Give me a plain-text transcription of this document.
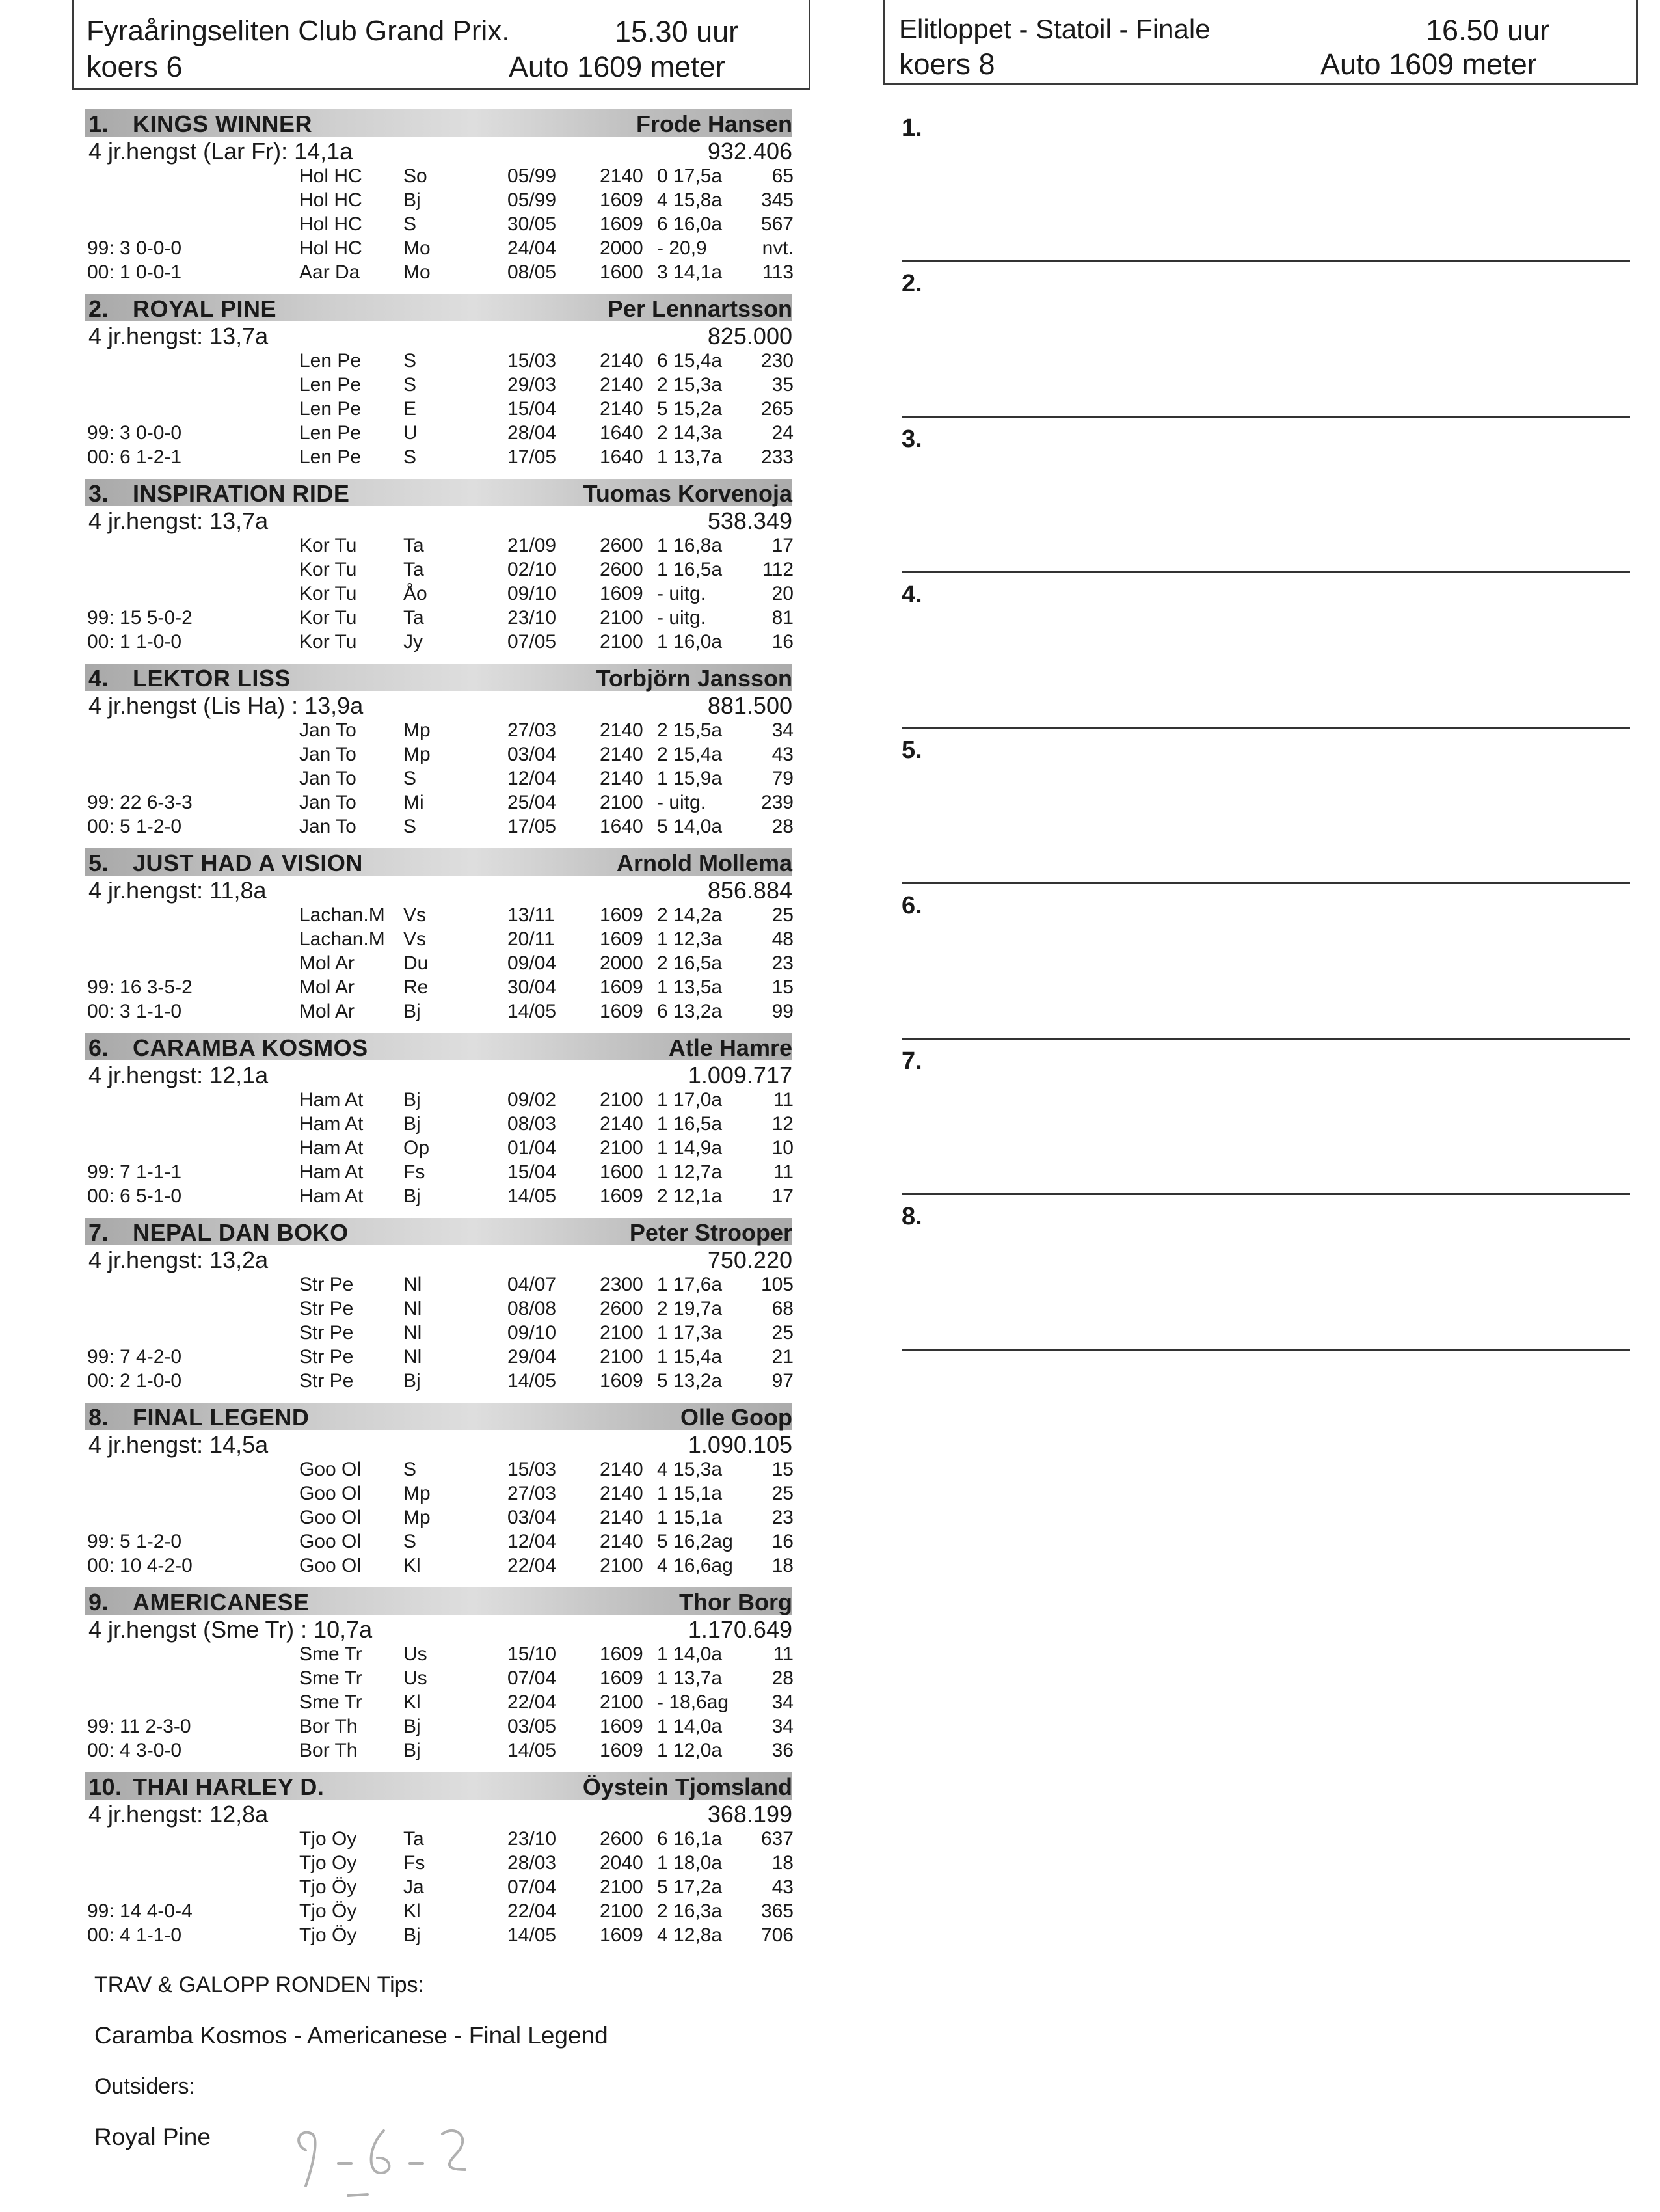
Fyraåringseliten Club Grand Prix.	15.30 uur
koers 6	Auto 1609 meter
Elitloppet - Statoil - Finale	16.50 uur
koers 8	Auto 1609 meter
1. KINGS WINNER	Frode Hansen
4 jr.hengst (Lar Fr): 14,1a	932.406
Hol HC So	05/99 2140 0 17,5a	65
Hol HC Bj	05/99 1609 4 15,8a 345
Hol HC S	30/05 1609 6 16,0a 567
99: 3 0-0-0	Hol HC Mo	24/04 2000 - 20,9	nvt.
00: 1 0-0-1	Aar Da Mo	08/05 1600 3 14,1a 113
2. ROYAL PINE	Per Lennartsson
4 jr.hengst: 13,7a	825.000
Len Pe S	15/03 2140 6 15,4a 230
Len Pe S	29/03 2140 2 15,3a	35
Len Pe E	15/04 2140 5 15,2a 265
99: 3 0-0-0	Len Pe U	28/04 1640 2 14,3a	24
00: 6 1-2-1	Len Pe S	17/05 1640 1 13,7a 233
3. INSPIRATION RIDE	Tuomas Korvenoja
4 jr.hengst: 13,7a	538.349
Kor Tu Ta	21/09 2600 1 16,8a	17
Kor Tu Ta	02/10 2600 1 16,5a 112
Kor Tu Åo	09/10 1609 - uitg.	20
99: 15 5-0-2	Kor Tu Ta	23/10 2100 - uitg.	81
00: 1 1-0-0	Kor Tu Jy	07/05 2100 1 16,0a	16
4. LEKTOR LISS	Torbjörn Jansson
4 jr.hengst (Lis Ha) : 13,9a	881.500
Jan To Mp	27/03 2140 2 15,5a	34
Jan To Mp	03/04 2140 2 15,4a	43
Jan To S	12/04 2140 1 15,9a	79
99: 22 6-3-3	Jan To Mi	25/04 2100 - uitg.	239
00: 5 1-2-0	Jan To S	17/05 1640 5 14,0a	28
5. JUST HAD A VISION	Arnold Mollema
4 jr.hengst: 11,8a	856.884
Lachan.M Vs	13/11 1609 2 14,2a	25
Lachan.M Vs	20/11 1609 1 12,3a	48
Mol Ar Du	09/04 2000 2 16,5a	23
99: 16 3-5-2	Mol Ar Re	30/04 1609 1 13,5a	15
00: 3 1-1-0	Mol Ar Bj	14/05 1609 6 13,2a	99
6. CARAMBA KOSMOS	Atle Hamre
4 jr.hengst: 12,1a	1.009.717
Ham At Bj	09/02 2100 1 17,0a	11
Ham At Bj	08/03 2140 1 16,5a	12
Ham At Op	01/04 2100 1 14,9a	10
99: 7 1-1-1	Ham At Fs	15/04 1600 1 12,7a	11
00: 6 5-1-0	Ham At Bj	14/05 1609 2 12,1a	17
7. NEPAL DAN BOKO	Peter Strooper
4 jr.hengst: 13,2a	750.220
Str Pe	Nl	04/07 2300 1 17,6a 105
Str Pe	Nl	08/08 2600 2 19,7a	68
Str Pe	Nl	09/10 2100 1 17,3a	25
99: 7 4-2-0	Str Pe	Nl	29/04 2100 1 15,4a	21
00: 2 1-0-0	Str Pe	Bj	14/05 1609 5 13,2a	97
8. FINAL LEGEND	Olle Goop
4 jr.hengst: 14,5a	1.090.105
Goo Ol S	15/03 2140 4 15,3a	15
Goo Ol Mp	27/03 2140 1 15,1a	25
Goo Ol Mp	03/04 2140 1 15,1a	23
99: 5 1-2-0	Goo Ol S	12/04 2140 5 16,2ag 16
00: 10 4-2-0	Goo Ol Kl	22/04 2100 4 16,6ag 18
9. AMERICANESE	Thor Borg
4 jr.hengst (Sme Tr) : 10,7a	1.170.649
Sme Tr Us	15/10 1609 1 14,0a	11
Sme Tr Us	07/04 1609 1 13,7a	28
Sme Tr Kl	22/04 2100 - 18,6ag 34
99: 11 2-3-0	Bor Th Bj	03/05 1609 1 14,0a	34
00: 4 3-0-0	Bor Th Bj	14/05 1609 1 12,0a	36
10. THAI HARLEY D.	Öystein Tjomsland
4 jr.hengst: 12,8a	368.199
Tjo Oy Ta	23/10 2600 6 16,1a 637
Tjo Oy Fs	28/03 2040 1 18,0a	18
Tjo Öy Ja	07/04 2100 5 17,2a	43
99: 14 4-0-4	Tjo Öy Kl	22/04 2100 2 16,3a 365
00: 4 1-1-0	Tjo Öy Bj	14/05 1609 4 12,8a 706
TRAV & GALOPP RONDEN Tips:
Caramba Kosmos - Americanese - Final Legend
Outsiders:
Royal Pine
1.
2.
3.
4.
5.
6.
7.
8.
